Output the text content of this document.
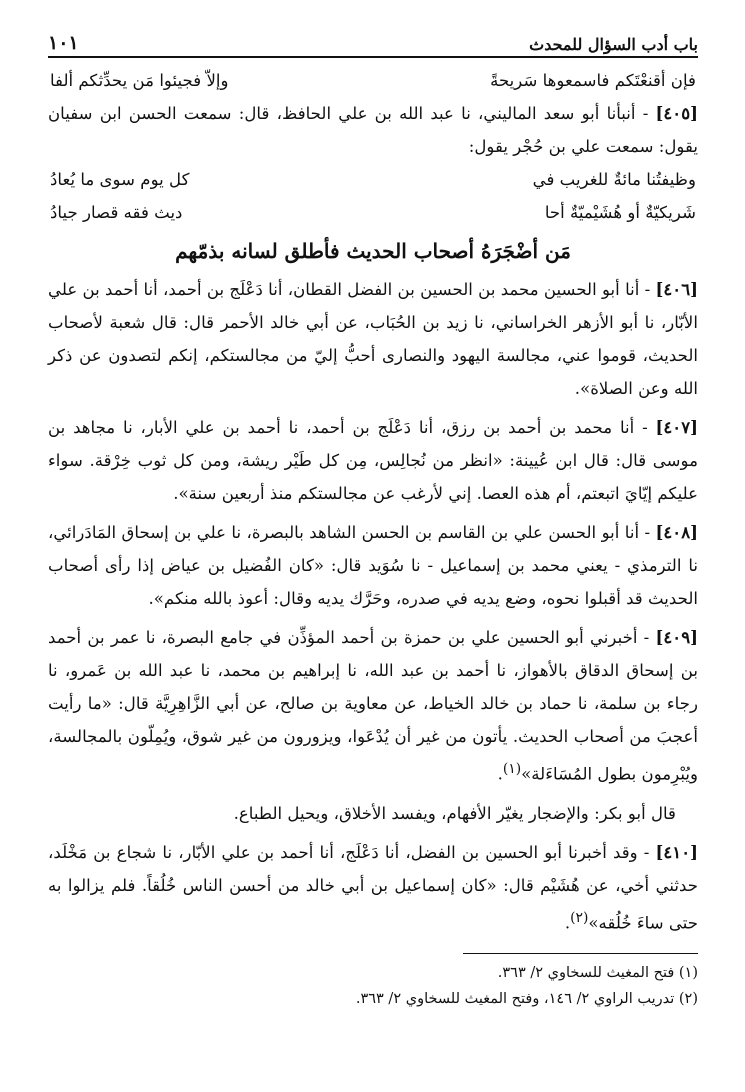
باب أدب السؤال للمحدث
١٠١
فإن أقنعْتَكم فاسمعوها سَريحةً
وإلاّ فجيئوا مَن يحدِّثكم ألفا

[٤٠٥] - أنبأنا أبو سعد الماليني، نا عبد الله بن علي الحافظ، قال: سمعت الحسن ابن سفيان يقول: سمعت علي بن حُجْر يقول:

وظيفتُنا مائةٌ للغريب في
كل يوم سوى ما يُعادُ
شَريكيّةٌ أو هُشَيْميّةٌ أحا
ديث فقه قصار جيادُ
مَن أضْجَرَهُ أصحاب الحديث فأطلق لسانه بذمّهم

[٤٠٦] - أنا أبو الحسين محمد بن الحسين بن الفضل القطان، أنا دَعْلَج بن أحمد، أنا أحمد بن علي الأبّار، نا أبو الأزهر الخراساني، نا زيد بن الحُبَاب، عن أبي خالد الأحمر قال: قال شعبة لأصحاب الحديث، قوموا عني، مجالسة اليهود والنصارى أحبُّ إليّ من مجالستكم، إنكم لتصدون عن ذكر الله وعن الصلاة».

[٤٠٧] - أنا محمد بن أحمد بن رزق، أنا دَعْلَج بن أحمد، نا أحمد بن علي الأبار، نا مجاهد بن موسى قال: قال ابن عُيينة: «انظر من نُجالِس، مِن كل طَيْر ريشة، ومن كل ثوب خِرْقة. سواء عليكم إيّايَ اتبعتم، أم هذه العصا. إني لأرغب عن مجالستكم منذ أربعين سنة».

[٤٠٨] - أنا أبو الحسن علي بن القاسم بن الحسن الشاهد بالبصرة، نا علي بن إسحاق المَادَرائي، نا الترمذي - يعني محمد بن إسماعيل - نا سُوَيد قال: «كان الفُضيل بن عياض إذا رأى أصحاب الحديث قد أقبلوا نحوه، وضع يديه في صدره، وحَرَّك يديه وقال: أعوذ بالله منكم».

[٤٠٩] - أخبرني أبو الحسين علي بن حمزة بن أحمد المؤذِّن في جامع البصرة، نا عمر بن أحمد بن إسحاق الدقاق بالأهواز، نا أحمد بن عبد الله، نا إبراهيم بن محمد، نا عبد الله بن عَمرو، نا رجاء بن سلمة، نا حماد بن خالد الخياط، عن معاوية بن صالح، عن أبي الزَّاهِرِيَّة قال: «ما رأيت أعجبَ من أصحاب الحديث. يأتون من غير أن يُدْعَوا، ويزورون من غير شوق، ويُمِلّون بالمجالسة، ويُبْرِمون بطول المُسَاءَلة»$^{(١)}$.

قال أبو بكر: والإضجار يغيّر الأفهام، ويفسد الأخلاق، ويحيل الطباع.

[٤١٠] - وقد أخبرنا أبو الحسين بن الفضل، أنا دَعْلَج، أنا أحمد بن علي الأبّار، نا شجاع بن مَخْلَد، حدثني أخي، عن هُشَيْم قال: «كان إسماعيل بن أبي خالد من أحسن الناس خُلُقاً. فلم يزالوا به حتى ساءَ خُلُقه»$^{(٢)}$.

(١) فتح المغيث للسخاوي ٢/ ٣٦٣.
(٢) تدريب الراوي ٢/ ١٤٦، وفتح المغيث للسخاوي ٢/ ٣٦٣.
